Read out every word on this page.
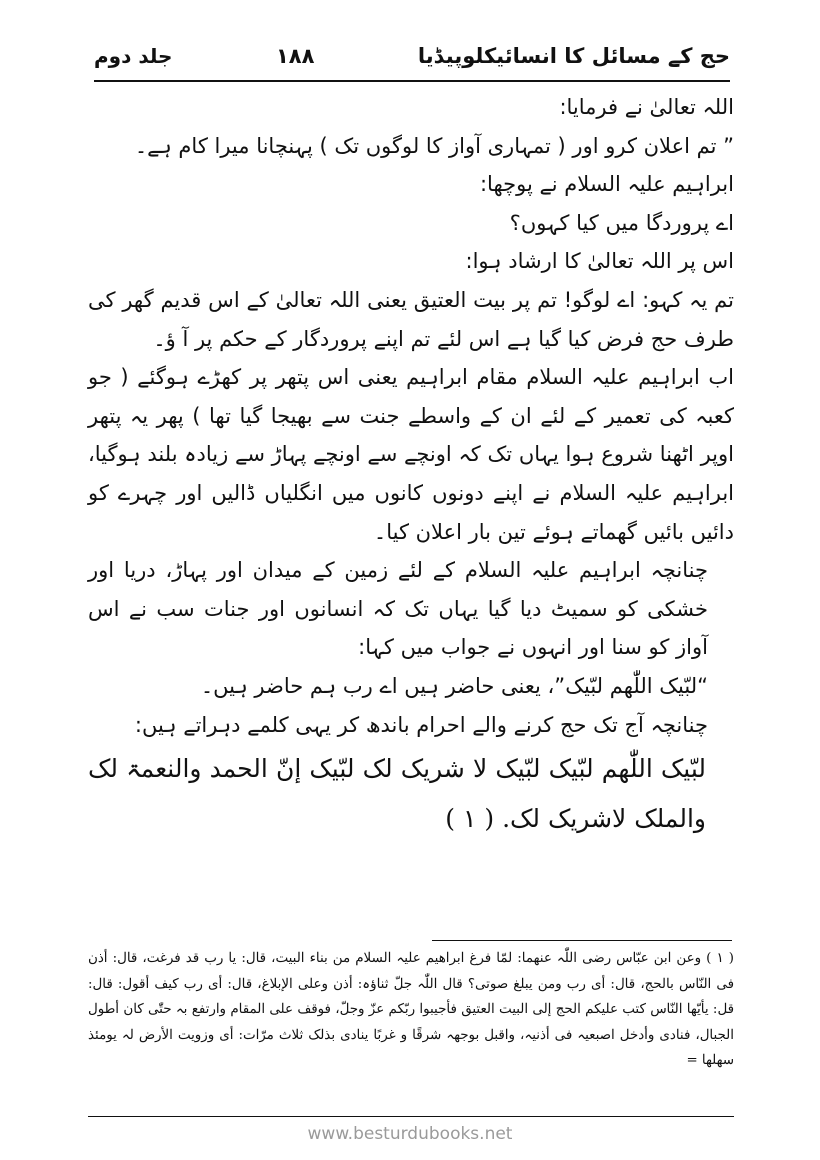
حج کے مسائل کا انسائیکلوپیڈیا
۱۸۸
جلد دوم

اللہ تعالیٰ نے فرمایا:

” تم اعلان کرو اور ( تمہاری آواز کا لوگوں تک ) پہنچانا میرا کام ہے۔

ابراہیم علیہ السلام نے پوچھا:

اے پروردگا میں کیا کہوں؟

اس پر اللہ تعالیٰ کا ارشاد ہوا:

تم یہ کہو: اے لوگو! تم پر بیت العتیق یعنی اللہ تعالیٰ کے اس قدیم گھر کی طرف حج فرض کیا گیا ہے اس لئے تم اپنے پروردگار کے حکم پر آ ؤ۔

اب ابراہیم علیہ السلام مقام ابراہیم یعنی اس پتھر پر کھڑے ہوگئے ( جو کعبہ کی تعمیر کے لئے ان کے واسطے جنت سے بھیجا گیا تھا ) پھر یہ پتھر اوپر اٹھنا شروع ہوا یہاں تک کہ اونچے سے اونچے پہاڑ سے زیادہ بلند ہوگیا، ابراہیم علیہ السلام نے اپنے دونوں کانوں میں انگلیاں ڈالیں اور چہرے کو دائیں بائیں گھماتے ہوئے تین بار اعلان کیا۔

چنانچہ ابراہیم علیہ السلام کے لئے زمین کے میدان اور پہاڑ، دریا اور خشکی کو سمیٹ دیا گیا یہاں تک کہ انسانوں اور جنات سب نے اس آواز کو سنا اور انہوں نے جواب میں کہا:

“لبّیک اللّٰھم لبّیک”، یعنی حاضر ہیں اے رب ہم حاضر ہیں۔

چنانچہ آج تک حج کرنے والے احرام باندھ کر یہی کلمے دہراتے ہیں:

لبّیک اللّٰھم لبّیک لبّیک لا شریک لک لبّیک إنّ الحمد والنعمۃ لک والملک لاشریک لک. ( ۱ )

( ۱ ) وعن ابن عبّاس رضی اللّٰہ عنھما: لمّا فرغ ابراھیم علیہ السلام من بناء البیت، قال: یا رب قد فرغت، قال: أذن فی النّاس بالحج، قال: أی رب ومن یبلغ صوتی؟ قال اللّٰہ جلّ ثناؤہ: أذن وعلی الإبلاغ، قال: أی رب کیف أقول: قال: قل: یأیّھا النّاس کتب علیکم الحج إلی البیت العتیق فأجیبوا ربّکم عزّ وجلّ، فوقف علی المقام وارتفع بہ حتّٰی کان أطول الجبال، فنادی وأدخل اصبعیہ فی أذنیہ، واقبل بوجھہ شرقًا و غربًا ینادی بذلک ثلاث مرّات: أی وزویت الأرض لہ یومئذ سھلھا =
www.besturdubooks.net
